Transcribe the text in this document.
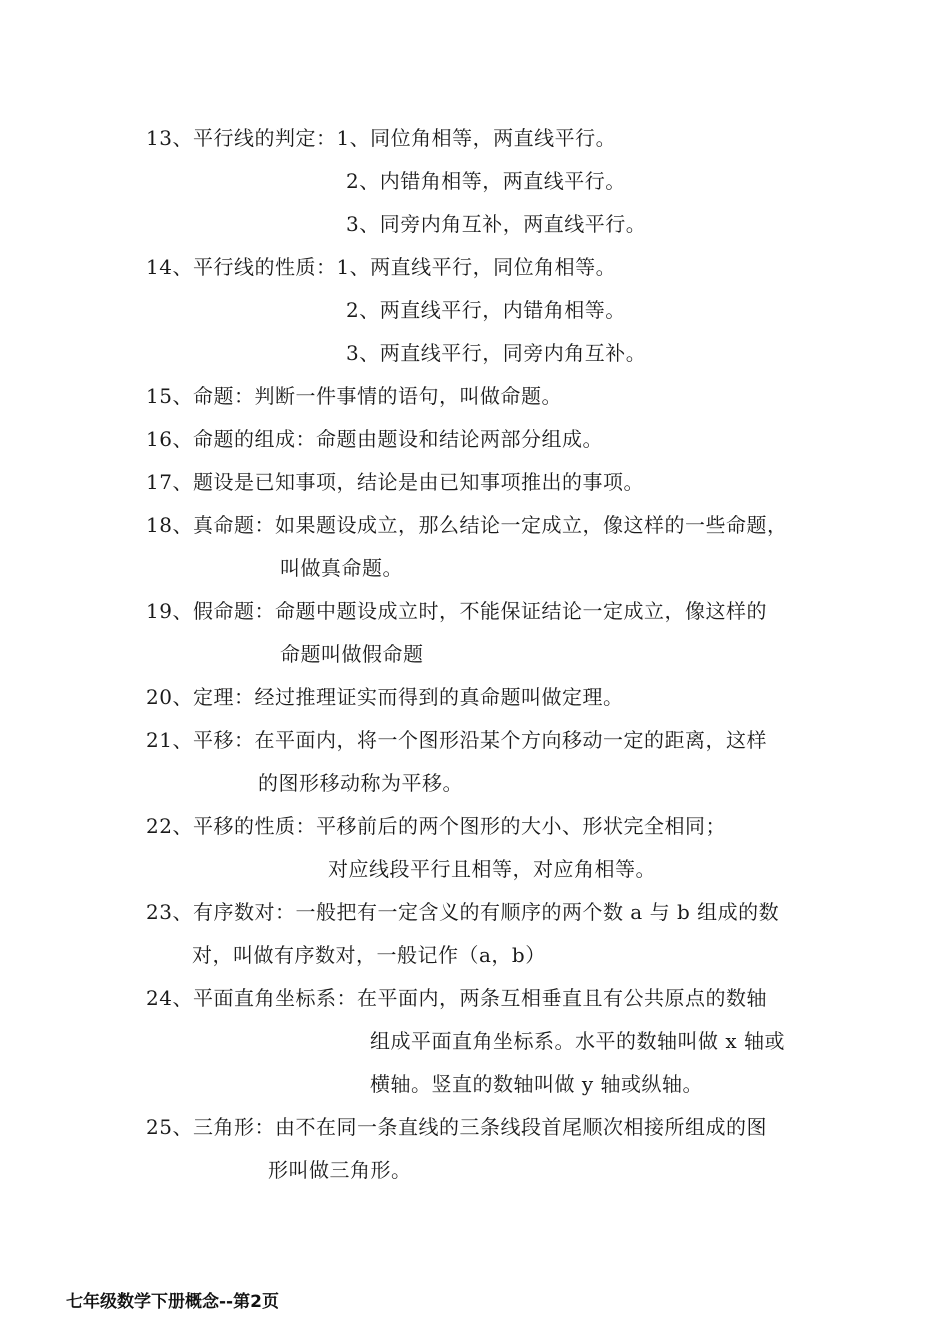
13、平行线的判定：1、同位角相等，两直线平行。
2、内错角相等，两直线平行。
3、同旁内角互补，两直线平行。
14、平行线的性质：1、两直线平行，同位角相等。
2、两直线平行，内错角相等。
3、两直线平行，同旁内角互补。
15、命题：判断一件事情的语句，叫做命题。
16、命题的组成：命题由题设和结论两部分组成。
17、题设是已知事项，结论是由已知事项推出的事项。
18、真命题：如果题设成立，那么结论一定成立，像这样的一些命题，
叫做真命题。
19、假命题：命题中题设成立时，不能保证结论一定成立，像这样的
命题叫做假命题
20、定理：经过推理证实而得到的真命题叫做定理。
21、平移：在平面内，将一个图形沿某个方向移动一定的距离，这样
的图形移动称为平移。
22、平移的性质：平移前后的两个图形的大小、形状完全相同；
对应线段平行且相等，对应角相等。
23、有序数对：一般把有一定含义的有顺序的两个数 a 与 b 组成的数
对，叫做有序数对，一般记作（a，b）
24、平面直角坐标系：在平面内，两条互相垂直且有公共原点的数轴
组成平面直角坐标系。水平的数轴叫做 x 轴或
横轴。竖直的数轴叫做 y 轴或纵轴。
25、三角形：由不在同一条直线的三条线段首尾顺次相接所组成的图
形叫做三角形。
七年级数学下册概念--第2页
